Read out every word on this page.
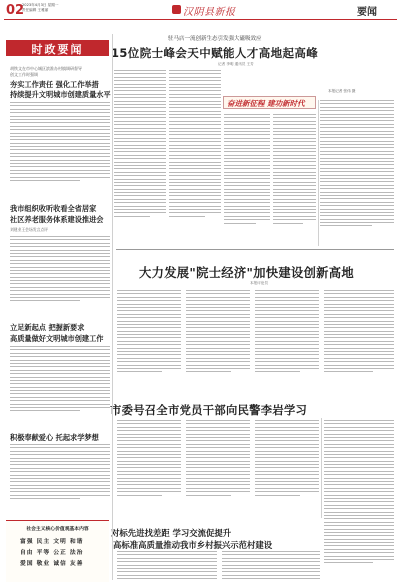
02
2023年4月3日 星期一
责任编辑 王雅丽	汉阴县新报	要闻
时政要闻
驻马店一流创新生态引发强大磁吸效应
15位院士峰会天中赋能人才高地起高峰
记者 李明 通讯员 王芳
奋进新征程 建功新时代
本报记者 张伟 摄
胡铁文在市中心城区滨淮办村镇调研督导
创文工作时强调
夯实工作责任 强化工作举措
持续提升文明城市创建质量水平
我市组织收听收看全省居家
社区养老服务体系建设推进会
刘建业王会场发言点评
立足新起点 把握新要求
高质量做好文明城市创建工作
积极奉献爱心 托起求学梦想
大力发展"院士经济"加快建设创新高地
本报评论员
市委号召全市党员干部向民警李岩学习
对标先进找差距 学习交流促提升
高标准高质量推动我市乡村振兴示范村建设
社会主义核心价值观基本内容
富强 民主 文明 和谐
自由 平等 公正 法治
爱国 敬业 诚信 友善
